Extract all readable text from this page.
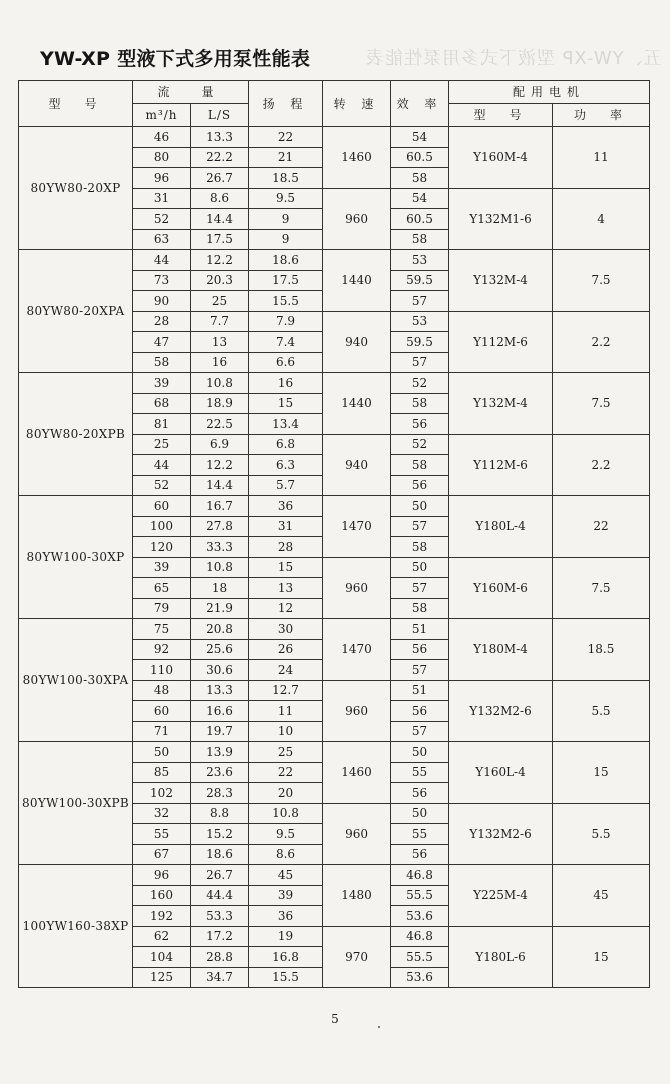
五、YW-XP 型液下式多用泵性能表
YW-XP 型液下式多用泵性能表
型　号	流　量		扬 程	转 速	效 率	配用电机	
	m³/h	L/S				型　号	功　率
80YW80-20XP	46	13.3	22	1460	54	Y160M-4	11
	80	22.2	21		60.5		
	96	26.7	18.5		58		
	31	8.6	9.5	960	54	Y132M1-6	4
	52	14.4	9		60.5		
	63	17.5	9		58		
80YW80-20XPA	44	12.2	18.6	1440	53	Y132M-4	7.5
	73	20.3	17.5		59.5		
	90	25	15.5		57		
	28	7.7	7.9	940	53	Y112M-6	2.2
	47	13	7.4		59.5		
	58	16	6.6		57		
80YW80-20XPB	39	10.8	16	1440	52	Y132M-4	7.5
	68	18.9	15		58		
	81	22.5	13.4		56		
	25	6.9	6.8	940	52	Y112M-6	2.2
	44	12.2	6.3		58		
	52	14.4	5.7		56		
80YW100-30XP	60	16.7	36	1470	50	Y180L-4	22
	100	27.8	31		57		
	120	33.3	28		58		
	39	10.8	15	960	50	Y160M-6	7.5
	65	18	13		57		
	79	21.9	12		58		
80YW100-30XPA	75	20.8	30	1470	51	Y180M-4	18.5
	92	25.6	26		56		
	110	30.6	24		57		
	48	13.3	12.7	960	51	Y132M2-6	5.5
	60	16.6	11		56		
	71	19.7	10		57		
80YW100-30XPB	50	13.9	25	1460	50	Y160L-4	15
	85	23.6	22		55		
	102	28.3	20		56		
	32	8.8	10.8	960	50	Y132M2-6	5.5
	55	15.2	9.5		55		
	67	18.6	8.6		56		
100YW160-38XP	96	26.7	45	1480	46.8	Y225M-4	45
	160	44.4	39		55.5		
	192	53.3	36		53.6		
	62	17.2	19	970	46.8	Y180L-6	15
	104	28.8	16.8		55.5		
	125	34.7	15.5		53.6		
5
